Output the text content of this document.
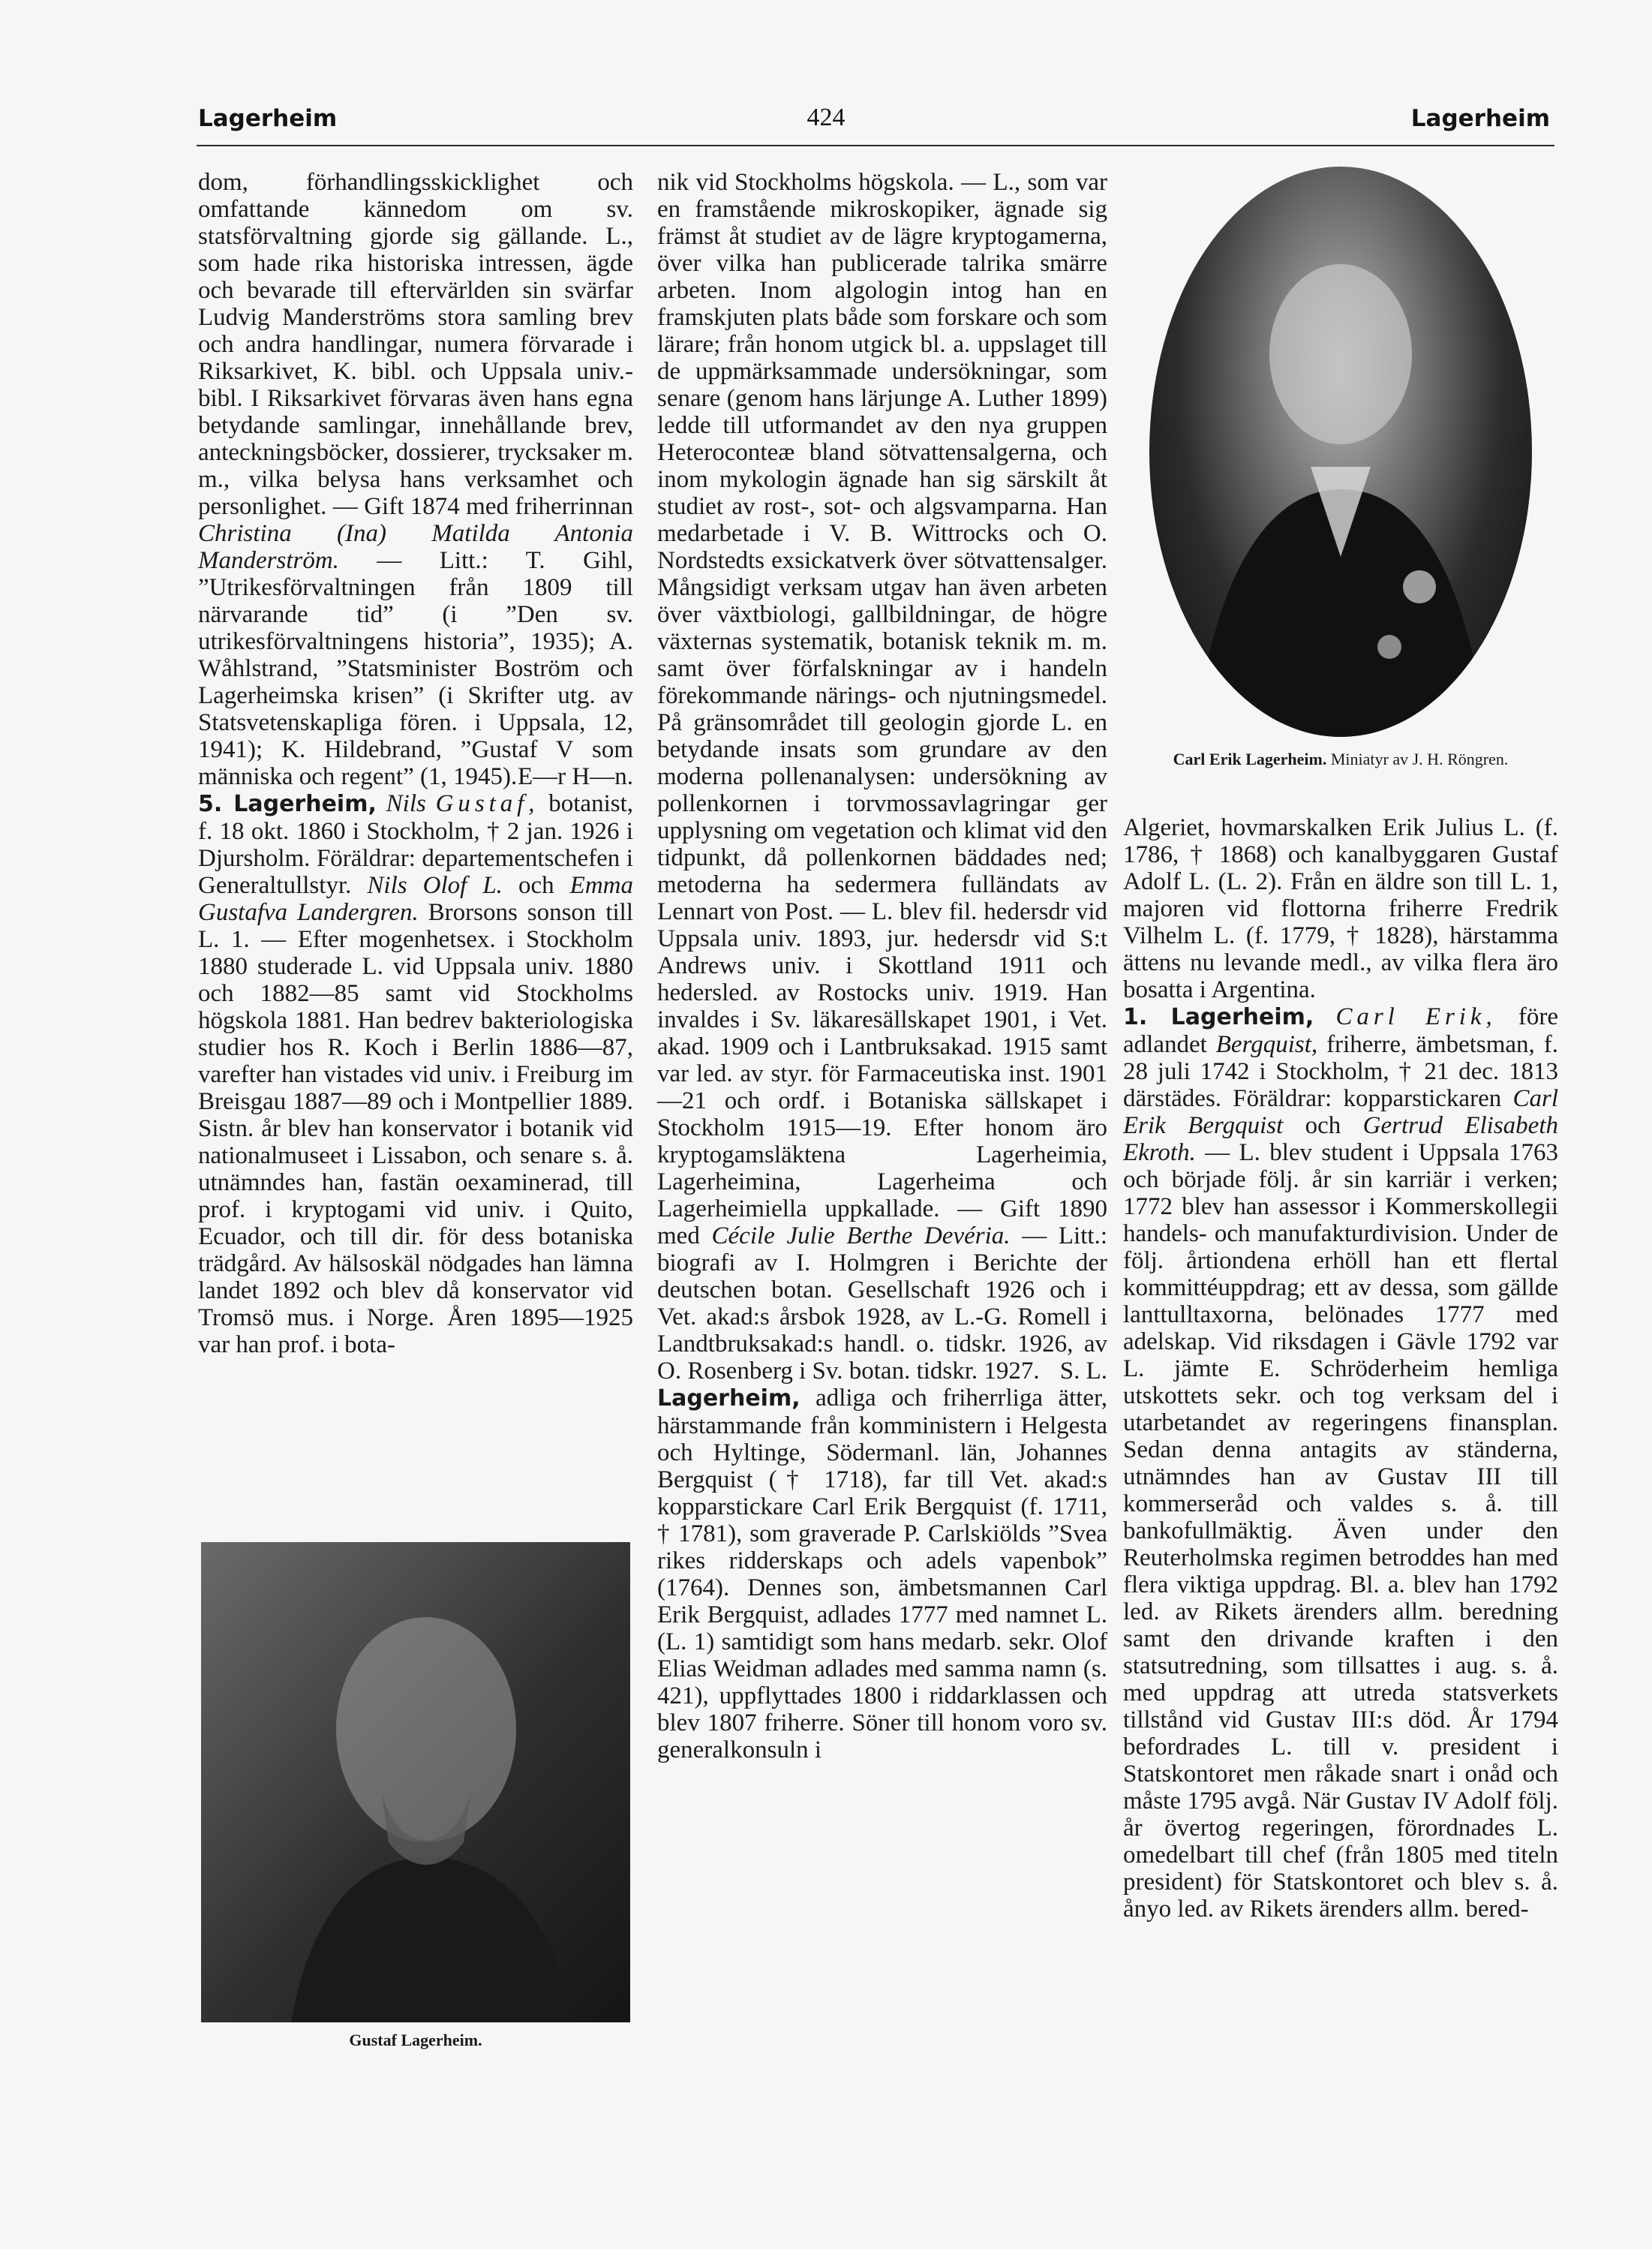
Lagerheim	424	Lagerheim

dom, förhandlingsskicklighet och omfattande kännedom om sv. statsförvaltning gjorde sig gällande. L., som hade rika historiska intressen, ägde och bevarade till eftervärlden sin svärfar Ludvig Manderströms stora samling brev och andra handlingar, numera förvarade i Riksarkivet, K. bibl. och Uppsala univ.-bibl. I Riksarkivet förvaras även hans egna betydande samlingar, innehållande brev, anteckningsböcker, dossierer, trycksaker m. m., vilka belysa hans verksamhet och personlighet. — Gift 1874 med friherrinnan Christina (Ina) Matilda Antonia Manderström. — Litt.: T. Gihl, ”Utrikesförvaltningen från 1809 till närvarande tid” (i ”Den sv. utrikesförvaltningens historia”, 1935); A. Wåhlstrand, ”Statsminister Boström och Lagerheimska krisen” (i Skrifter utg. av Statsvetenskapliga fören. i Uppsala, 12, 1941); K. Hildebrand, ”Gustaf V som människa och regent” (1, 1945). E—r H—n.

5. Lagerheim, Nils Gustaf, botanist, f. 18 okt. 1860 i Stockholm, † 2 jan. 1926 i Djursholm. Föräldrar: departementschefen i Generaltullstyr. Nils Olof L. och Emma Gustafva Landergren. Brorsons sonson till L. 1. — Efter mogenhetsex. i Stockholm 1880 studerade L. vid Uppsala univ. 1880 och 1882—85 samt vid Stockholms högskola 1881. Han bedrev bakteriologiska studier hos R. Koch i Berlin 1886—87, varefter han vistades vid univ. i Freiburg im Breisgau 1887—89 och i Montpellier 1889. Sistn. år blev han konservator i botanik vid nationalmuseet i Lissabon, och senare s. å. utnämndes han, fastän oexaminerad, till prof. i kryptogami vid univ. i Quito, Ecuador, och till dir. för dess botaniska trädgård. Av hälsoskäl nödgades han lämna landet 1892 och blev då konservator vid Tromsö mus. i Norge. Åren 1895—1925 var han prof. i bota-

Gustaf Lagerheim.

nik vid Stockholms högskola. — L., som var en framstående mikroskopiker, ägnade sig främst åt studiet av de lägre kryptogamerna, över vilka han publicerade talrika smärre arbeten. Inom algologin intog han en framskjuten plats både som forskare och som lärare; från honom utgick bl. a. uppslaget till de uppmärksammade undersökningar, som senare (genom hans lärjunge A. Luther 1899) ledde till utformandet av den nya gruppen Heteroconteæ bland sötvattensalgerna, och inom mykologin ägnade han sig särskilt åt studiet av rost-, sot- och algsvamparna. Han medarbetade i V. B. Wittrocks och O. Nordstedts exsickatverk över sötvattensalger. Mångsidigt verksam utgav han även arbeten över växtbiologi, gallbildningar, de högre växternas systematik, botanisk teknik m. m. samt över förfalskningar av i handeln förekommande närings- och njutningsmedel. På gränsområdet till geologin gjorde L. en betydande insats som grundare av den moderna pollenanalysen: undersökning av pollenkornen i torvmossavlagringar ger upplysning om vegetation och klimat vid den tidpunkt, då pollenkornen bäddades ned; metoderna ha sedermera fulländats av Lennart von Post. — L. blev fil. hedersdr vid Uppsala univ. 1893, jur. hedersdr vid S:t Andrews univ. i Skottland 1911 och hedersled. av Rostocks univ. 1919. Han invaldes i Sv. läkaresällskapet 1901, i Vet. akad. 1909 och i Lantbruksakad. 1915 samt var led. av styr. för Farmaceutiska inst. 1901—21 och ordf. i Botaniska sällskapet i Stockholm 1915—19. Efter honom äro kryptogamsläktena Lagerheimia, Lagerheimina, Lagerheima och Lagerheimiella uppkallade. — Gift 1890 med Cécile Julie Berthe Devéria. — Litt.: biografi av I. Holmgren i Berichte der deutschen botan. Gesellschaft 1926 och i Vet. akad:s årsbok 1928, av L.-G. Romell i Landtbruksakad:s handl. o. tidskr. 1926, av O. Rosenberg i Sv. botan. tidskr. 1927. S. L.

Lagerheim, adliga och friherrliga ätter, härstammande från komministern i Helgesta och Hyltinge, Södermanl. län, Johannes Bergquist († 1718), far till Vet. akad:s kopparstickare Carl Erik Bergquist (f. 1711, † 1781), som graverade P. Carlskiölds ”Svea rikes ridderskaps och adels vapenbok” (1764). Dennes son, ämbetsmannen Carl Erik Bergquist, adlades 1777 med namnet L. (L. 1) samtidigt som hans medarb. sekr. Olof Elias Weidman adlades med samma namn (s. 421), uppflyttades 1800 i riddarklassen och blev 1807 friherre. Söner till honom voro sv. generalkonsuln i

Carl Erik Lagerheim. Miniatyr av J. H. Röngren.

Algeriet, hovmarskalken Erik Julius L. (f. 1786, † 1868) och kanalbyggaren Gustaf Adolf L. (L. 2). Från en äldre son till L. 1, majoren vid flottorna friherre Fredrik Vilhelm L. (f. 1779, † 1828), härstamma ättens nu levande medl., av vilka flera äro bosatta i Argentina.

1. Lagerheim, Carl Erik, före adlandet Bergquist, friherre, ämbetsman, f. 28 juli 1742 i Stockholm, † 21 dec. 1813 därstädes. Föräldrar: kopparstickaren Carl Erik Bergquist och Gertrud Elisabeth Ekroth. — L. blev student i Uppsala 1763 och började följ. år sin karriär i verken; 1772 blev han assessor i Kommerskollegii handels- och manufakturdivision. Under de följ. årtiondena erhöll han ett flertal kommittéuppdrag; ett av dessa, som gällde lanttulltaxorna, belönades 1777 med adelskap. Vid riksdagen i Gävle 1792 var L. jämte E. Schröderheim hemliga utskottets sekr. och tog verksam del i utarbetandet av regeringens finansplan. Sedan denna antagits av ständerna, utnämndes han av Gustav III till kommerseråd och valdes s. å. till bankofullmäktig. Även under den Reuterholmska regimen betroddes han med flera viktiga uppdrag. Bl. a. blev han 1792 led. av Rikets ärenders allm. beredning samt den drivande kraften i den statsutredning, som tillsattes i aug. s. å. med uppdrag att utreda statsverkets tillstånd vid Gustav III:s död. År 1794 befordrades L. till v. president i Statskontoret men råkade snart i onåd och måste 1795 avgå. När Gustav IV Adolf följ. år övertog regeringen, förordnades L. omedelbart till chef (från 1805 med titeln president) för Statskontoret och blev s. å. ånyo led. av Rikets ärenders allm. bered-
